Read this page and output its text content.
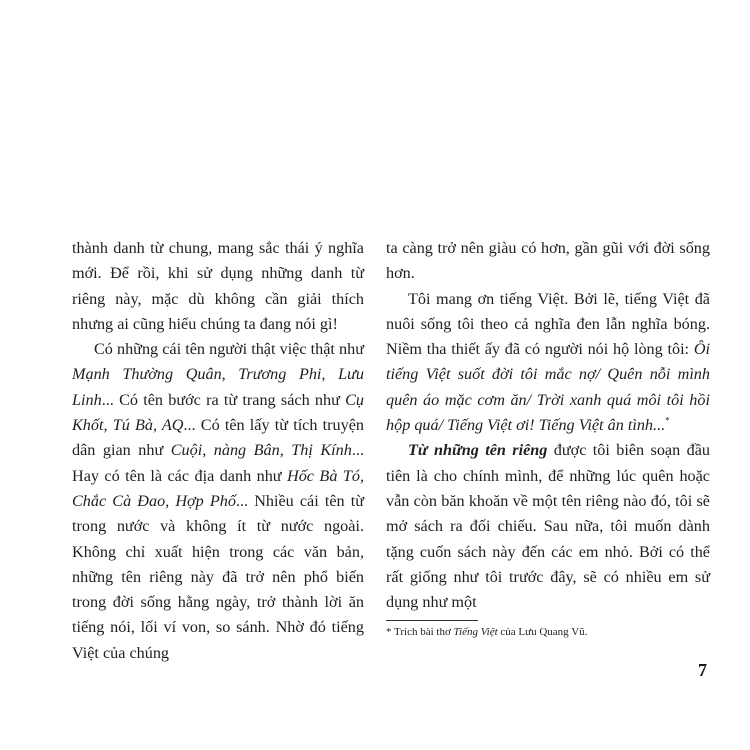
thành danh từ chung, mang sắc thái ý nghĩa mới. Để rồi, khi sử dụng những danh từ riêng này, mặc dù không cần giải thích nhưng ai cũng hiểu chúng ta đang nói gì!

Có những cái tên người thật việc thật như Mạnh Thường Quân, Trương Phi, Lưu Linh... Có tên bước ra từ trang sách như Cụ Khốt, Tú Bà, AQ... Có tên lấy từ tích truyện dân gian như Cuội, nàng Bân, Thị Kính... Hay có tên là các địa danh như Hốc Bà Tó, Chắc Cà Đao, Hợp Phố... Nhiều cái tên từ trong nước và không ít từ nước ngoài. Không chỉ xuất hiện trong các văn bản, những tên riêng này đã trở nên phổ biến trong đời sống hằng ngày, trở thành lời ăn tiếng nói, lối ví von, so sánh. Nhờ đó tiếng Việt của chúng

ta càng trở nên giàu có hơn, gần gũi với đời sống hơn.

Tôi mang ơn tiếng Việt. Bởi lẽ, tiếng Việt đã nuôi sống tôi theo cả nghĩa đen lẫn nghĩa bóng. Niềm tha thiết ấy đã có người nói hộ lòng tôi: Ôi tiếng Việt suốt đời tôi mắc nợ/ Quên nỗi mình quên áo mặc cơm ăn/ Trời xanh quá môi tôi hồi hộp quá/ Tiếng Việt ơi! Tiếng Việt ân tình...*

Từ những tên riêng được tôi biên soạn đầu tiên là cho chính mình, để những lúc quên hoặc vẫn còn băn khoăn về một tên riêng nào đó, tôi sẽ mở sách ra đối chiếu. Sau nữa, tôi muốn dành tặng cuốn sách này đến các em nhỏ. Bởi có thể rất giống như tôi trước đây, sẽ có nhiều em sử dụng như một

* Trích bài thơ Tiếng Việt của Lưu Quang Vũ.
7
